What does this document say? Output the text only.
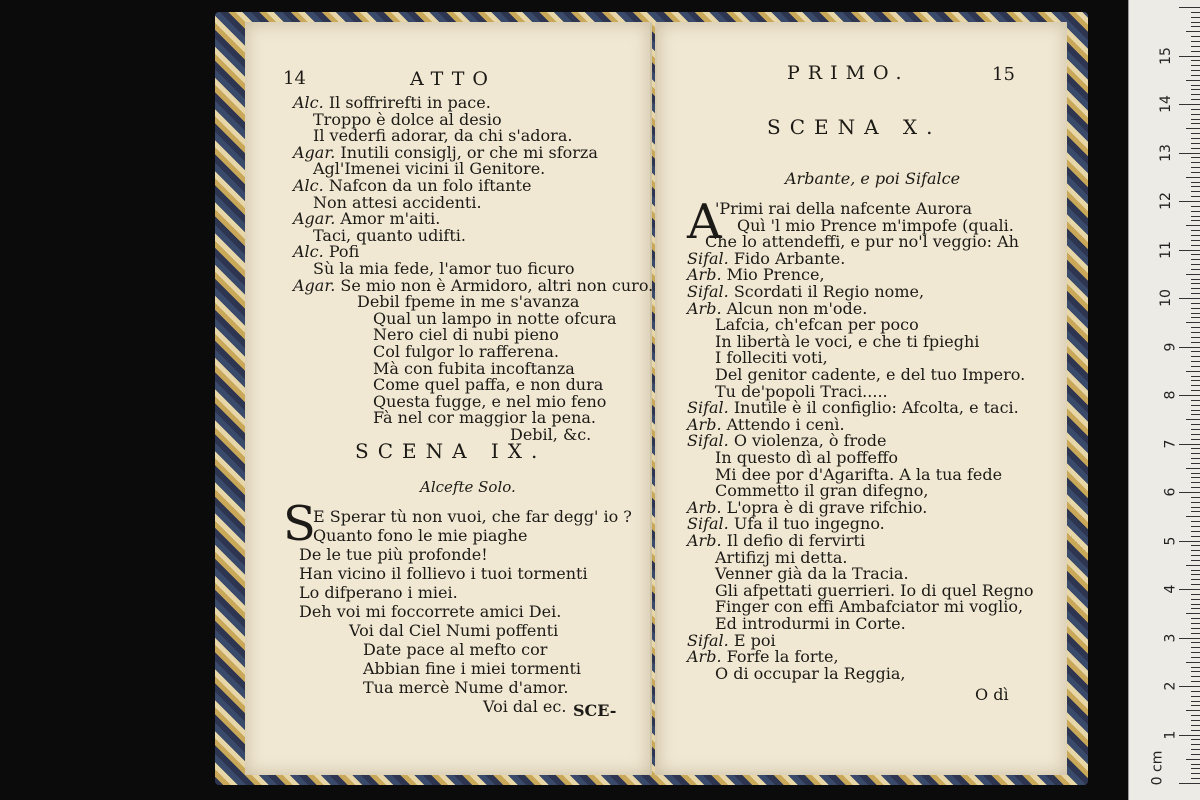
14	ATTO
Alc. Il soffrirefti in pace.
Troppo è dolce al desio
Il vederfi adorar, da chi s'adora.
Agar. Inutili consiglj, or che mi sforza
Agl'Imenei vicini il Genitore.
Alc. Nafcon da un folo iftante
Non attesi accidenti.
Agar. Amor m'aiti.
Taci, quanto udifti.
Alc. Pofi
Sù la mia fede, l'amor tuo ficuro
Agar. Se mio non è Armidoro, altri non curo.
Debil fpeme in me s'avanza
Qual un lampo in notte ofcura
Nero ciel di nubi pieno
Col fulgor lo rafferena.
Mà con fubita incoftanza
Come quel paffa, e non dura
Questa fugge, e nel mio feno
Fà nel cor maggior la pena.
Debil, &c.
SCENA IX.
Alcefte Solo.
S
E Sperar tù non vuoi, che far degg' io ?
Quanto fono le mie piaghe
De le tue più profonde!
Han vicino il follievo i tuoi tormenti
Lo difperano i miei.
Deh voi mi foccorrete amici Dei.
Voi dal Ciel Numi poffenti
Date pace al mefto cor
Abbian fine i miei tormenti
Tua mercè Nume d'amor.
Voi dal ec. SCE-
PRIMO.	15
SCENA X.
Arbante, e poi Sifalce
A
'Primi rai della nafcente Aurora
Quì 'l mio Prence m'impofe (quali.
Che lo attendeffi, e pur no'l veggio: Ah
Sifal. Fido Arbante.
Arb. Mio Prence,
Sifal. Scordati il Regio nome,
Arb. Alcun non m'ode.
Lafcia, ch'efcan per poco
In libertà le voci, e che ti fpieghi
I folleciti voti,
Del genitor cadente, e del tuo Impero.
Tu de'popoli Traci.....
Sifal. Inutile è il configlio: Afcolta, e taci.
Arb. Attendo i cenì.
Sifal. O violenza, ò frode
In questo dì al poffeffo
Mi dee por d'Agarifta. A la tua fede
Commetto il gran difegno,
Arb. L'opra è di grave rifchio.
Sifal. Ufa il tuo ingegno.
Arb. Il defio di fervirti
Artifizj mi detta.
Venner già da la Tracia.
Gli afpettati guerrieri. Io di quel Regno
Finger con effi Ambafciator mi voglio,
Ed introdurmi in Corte.
Sifal. E poi
Arb. Forfe la forte,
O di occupar la Reggia,
O dì
0 cm
1
2
3
4
5
6
7
8
9
10
11
12
13
14
15
